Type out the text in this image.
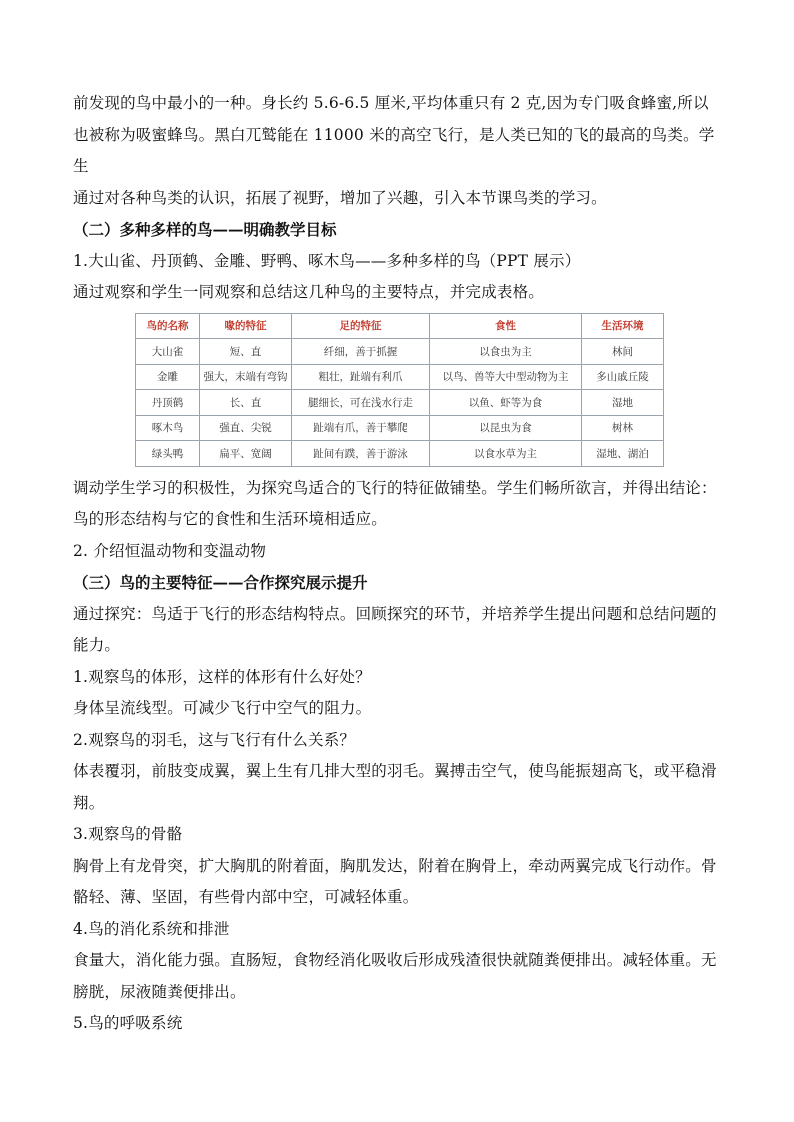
前发现的鸟中最小的一种。身长约 5.6-6.5 厘米,平均体重只有 2 克,因为专门吸食蜂蜜,所以

也被称为吸蜜蜂鸟。黑白兀鹫能在 11000 米的高空飞行，是人类已知的飞的最高的鸟类。学生

通过对各种鸟类的认识，拓展了视野，增加了兴趣，引入本节课鸟类的学习。

（二）多种多样的鸟——明确教学目标

1.大山雀、丹顶鹤、金雕、野鸭、啄木鸟——多种多样的鸟（PPT 展示）

通过观察和学生一同观察和总结这几种鸟的主要特点，并完成表格。

鸟的名称	喙的特征	足的特征	食性	生活环境
大山雀	短、直	纤细，善于抓握	以食虫为主	林间
金雕	强大，末端有弯钩	粗壮，趾端有利爪	以鸟、兽等大中型动物为主	多山戚丘陵
丹顶鹤	长、直	腿细长，可在浅水行走	以鱼、虾等为食	湿地
啄木鸟	强直、尖锐	趾端有爪，善于攀爬	以昆虫为食	树林
绿头鸭	扁平、宽阔	趾间有蹼，善于游泳	以食水草为主	湿地、湖泊

调动学生学习的积极性，为探究鸟适合的飞行的特征做铺垫。学生们畅所欲言，并得出结论：

鸟的形态结构与它的食性和生活环境相适应。

2. 介绍恒温动物和变温动物

（三）鸟的主要特征——合作探究展示提升

通过探究：鸟适于飞行的形态结构特点。回顾探究的环节，并培养学生提出问题和总结问题的

能力。

1.观察鸟的体形，这样的体形有什么好处？

身体呈流线型。可减少飞行中空气的阻力。

2.观察鸟的羽毛，这与飞行有什么关系？

体表覆羽，前肢变成翼，翼上生有几排大型的羽毛。翼搏击空气，使鸟能振翅高飞，或平稳滑

翔。

3.观察鸟的骨骼

胸骨上有龙骨突，扩大胸肌的附着面，胸肌发达，附着在胸骨上，牵动两翼完成飞行动作。骨

骼轻、薄、坚固，有些骨内部中空，可减轻体重。

4.鸟的消化系统和排泄

食量大，消化能力强。直肠短，食物经消化吸收后形成残渣很快就随粪便排出。减轻体重。无

膀胱，尿液随粪便排出。

5.鸟的呼吸系统
